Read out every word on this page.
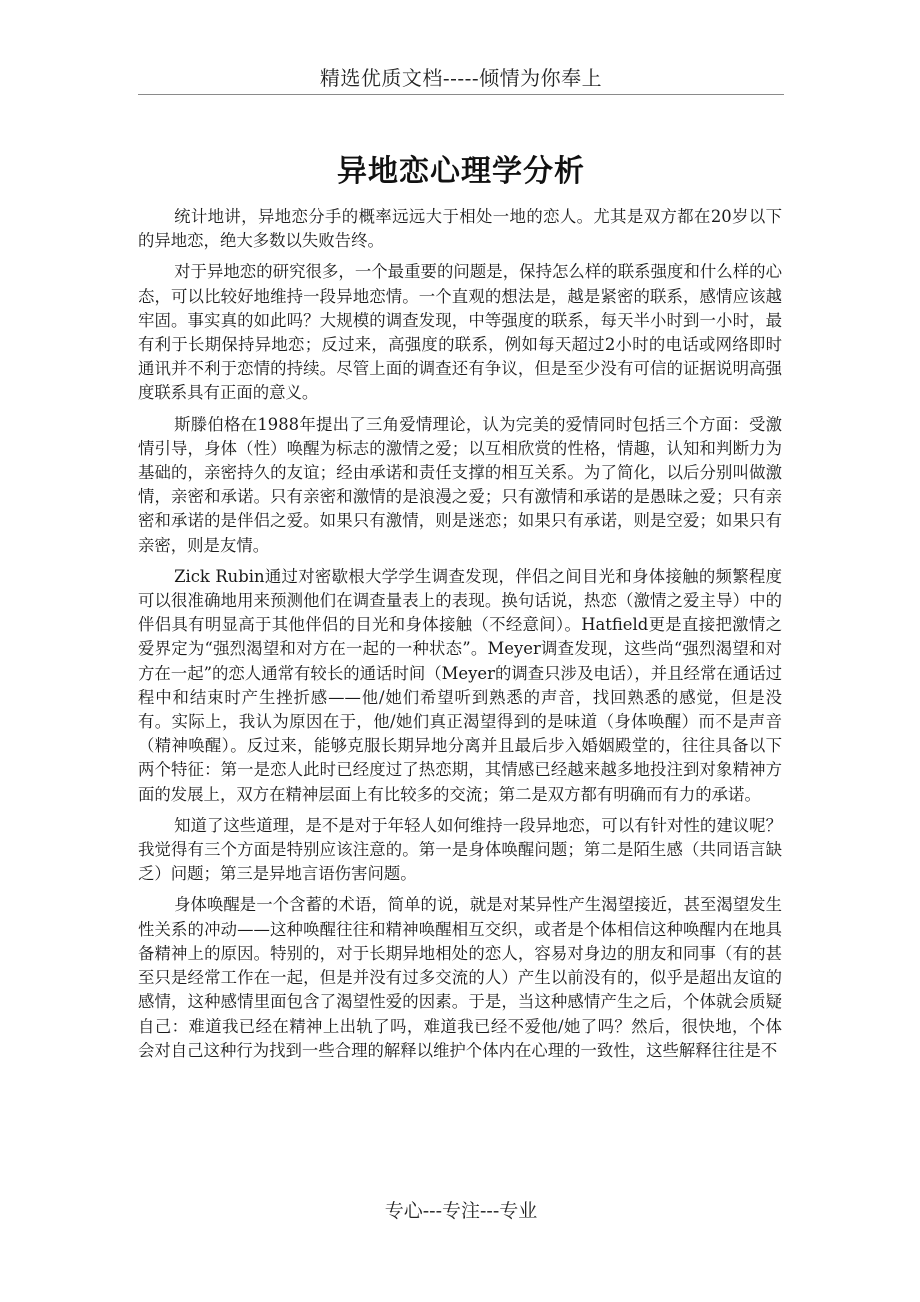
精选优质文档-----倾情为你奉上
异地恋心理学分析

统计地讲，异地恋分手的概率远远大于相处一地的恋人。尤其是双方都在20岁以下的异地恋，绝大多数以失败告终。

对于异地恋的研究很多，一个最重要的问题是，保持怎么样的联系强度和什么样的心态，可以比较好地维持一段异地恋情。一个直观的想法是，越是紧密的联系，感情应该越牢固。事实真的如此吗？大规模的调查发现，中等强度的联系，每天半小时到一小时，最有利于长期保持异地恋；反过来，高强度的联系，例如每天超过2小时的电话或网络即时通讯并不利于恋情的持续。尽管上面的调查还有争议，但是至少没有可信的证据说明高强度联系具有正面的意义。

斯滕伯格在1988年提出了三角爱情理论，认为完美的爱情同时包括三个方面：受激情引导，身体（性）唤醒为标志的激情之爱；以互相欣赏的性格，情趣，认知和判断力为基础的，亲密持久的友谊；经由承诺和责任支撑的相互关系。为了简化，以后分别叫做激情，亲密和承诺。只有亲密和激情的是浪漫之爱；只有激情和承诺的是愚昧之爱；只有亲密和承诺的是伴侣之爱。如果只有激情，则是迷恋；如果只有承诺，则是空爱；如果只有亲密，则是友情。

Zick Rubin通过对密歇根大学学生调查发现，伴侣之间目光和身体接触的频繁程度可以很准确地用来预测他们在调查量表上的表现。换句话说，热恋（激情之爱主导）中的伴侣具有明显高于其他伴侣的目光和身体接触（不经意间）。Hatfield更是直接把激情之爱界定为“强烈渴望和对方在一起的一种状态”。Meyer调查发现，这些尚“强烈渴望和对方在一起”的恋人通常有较长的通话时间（Meyer的调查只涉及电话），并且经常在通话过程中和结束时产生挫折感——他/她们希望听到熟悉的声音，找回熟悉的感觉，但是没有。实际上，我认为原因在于，他/她们真正渴望得到的是味道（身体唤醒）而不是声音（精神唤醒）。反过来，能够克服长期异地分离并且最后步入婚姻殿堂的，往往具备以下两个特征：第一是恋人此时已经度过了热恋期，其情感已经越来越多地投注到对象精神方面的发展上，双方在精神层面上有比较多的交流；第二是双方都有明确而有力的承诺。

知道了这些道理，是不是对于年轻人如何维持一段异地恋，可以有针对性的建议呢？我觉得有三个方面是特别应该注意的。第一是身体唤醒问题；第二是陌生感（共同语言缺乏）问题；第三是异地言语伤害问题。

身体唤醒是一个含蓄的术语，简单的说，就是对某异性产生渴望接近，甚至渴望发生性关系的冲动——这种唤醒往往和精神唤醒相互交织，或者是个体相信这种唤醒内在地具备精神上的原因。特别的，对于长期异地相处的恋人，容易对身边的朋友和同事（有的甚至只是经常工作在一起，但是并没有过多交流的人）产生以前没有的，似乎是超出友谊的感情，这种感情里面包含了渴望性爱的因素。于是，当这种感情产生之后，个体就会质疑自己：难道我已经在精神上出轨了吗，难道我已经不爱他/她了吗？然后，很快地，个体会对自己这种行为找到一些合理的解释以维护个体内在心理的一致性，这些解释往往是不

专心---专注---专业
